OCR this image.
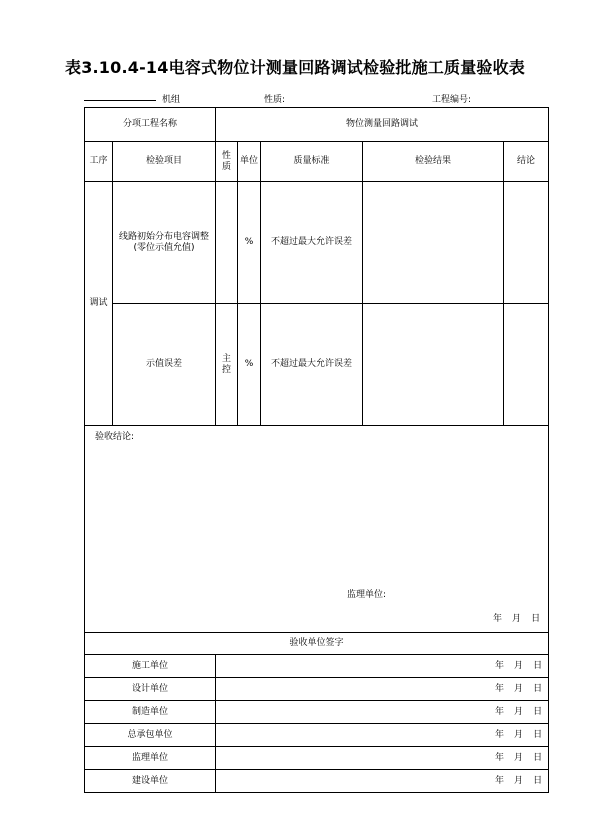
表3.10.4-14电容式物位计测量回路调试检验批施工质量验收表
机组	性质:	工程编号:
分项工程名称		物位测量回路调试				
工序	检验项目	性质	单位	质量标准	检验结果	结论
调试	线路初始分布电容调整(零位示值允值)		%	不超过最大允许误差		
	示值误差	主控	%	不超过最大允许误差		

验收结论:
监理单位:
年 月 日						

验收单位签字						
施工单位		年 月 日				
设计单位		年 月 日				
制造单位		年 月 日				
总承包单位		年 月 日				
监理单位		年 月 日				
建设单位		年 月 日				
